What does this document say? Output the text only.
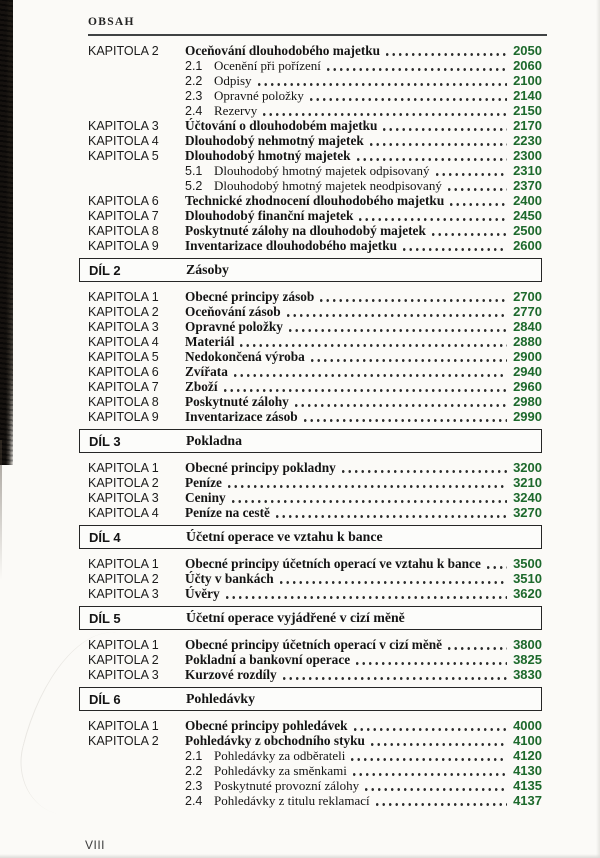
OBSAH
KAPITOLA 2	Oceňování dlouhodobého majetku	2050
2.1 Ocenění při pořízení	2060
2.2 Odpisy	2100
2.3 Opravné položky	2140
2.4 Rezervy	2150
KAPITOLA 3	Účtování o dlouhodobém majetku	2170
KAPITOLA 4	Dlouhodobý nehmotný majetek	2230
KAPITOLA 5	Dlouhodobý hmotný majetek	2300
5.1 Dlouhodobý hmotný majetek odpisovaný	2310
5.2 Dlouhodobý hmotný majetek neodpisovaný	2370
KAPITOLA 6	Technické zhodnocení dlouhodobého majetku	2400
KAPITOLA 7	Dlouhodobý finanční majetek	2450
KAPITOLA 8	Poskytnuté zálohy na dlouhodobý majetek	2500
KAPITOLA 9	Inventarizace dlouhodobého majetku	2600
DÍL 2	Zásoby
KAPITOLA 1	Obecné principy zásob	2700
KAPITOLA 2	Oceňování zásob	2770
KAPITOLA 3	Opravné položky	2840
KAPITOLA 4	Materiál	2880
KAPITOLA 5	Nedokončená výroba	2900
KAPITOLA 6	Zvířata	2940
KAPITOLA 7	Zboží	2960
KAPITOLA 8	Poskytnuté zálohy	2980
KAPITOLA 9	Inventarizace zásob	2990
DÍL 3	Pokladna
KAPITOLA 1	Obecné principy pokladny	3200
KAPITOLA 2	Peníze	3210
KAPITOLA 3	Ceniny	3240
KAPITOLA 4	Peníze na cestě	3270
DÍL 4	Účetní operace ve vztahu k bance
KAPITOLA 1	Obecné principy účetních operací ve vztahu k bance 3500
KAPITOLA 2	Účty v bankách	3510
KAPITOLA 3	Úvěry	3620
DÍL 5	Účetní operace vyjádřené v cizí měně
KAPITOLA 1	Obecné principy účetních operací v cizí měně	3800
KAPITOLA 2	Pokladní a bankovní operace	3825
KAPITOLA 3	Kurzové rozdíly	3830
DÍL 6	Pohledávky
KAPITOLA 1	Obecné principy pohledávek	4000
KAPITOLA 2	Pohledávky z obchodního styku	4100
2.1 Pohledávky za odběrateli	4120
2.2 Pohledávky za směnkami	4130
2.3 Poskytnuté provozní zálohy	4135
2.4 Pohledávky z titulu reklamací	4137
VIII
